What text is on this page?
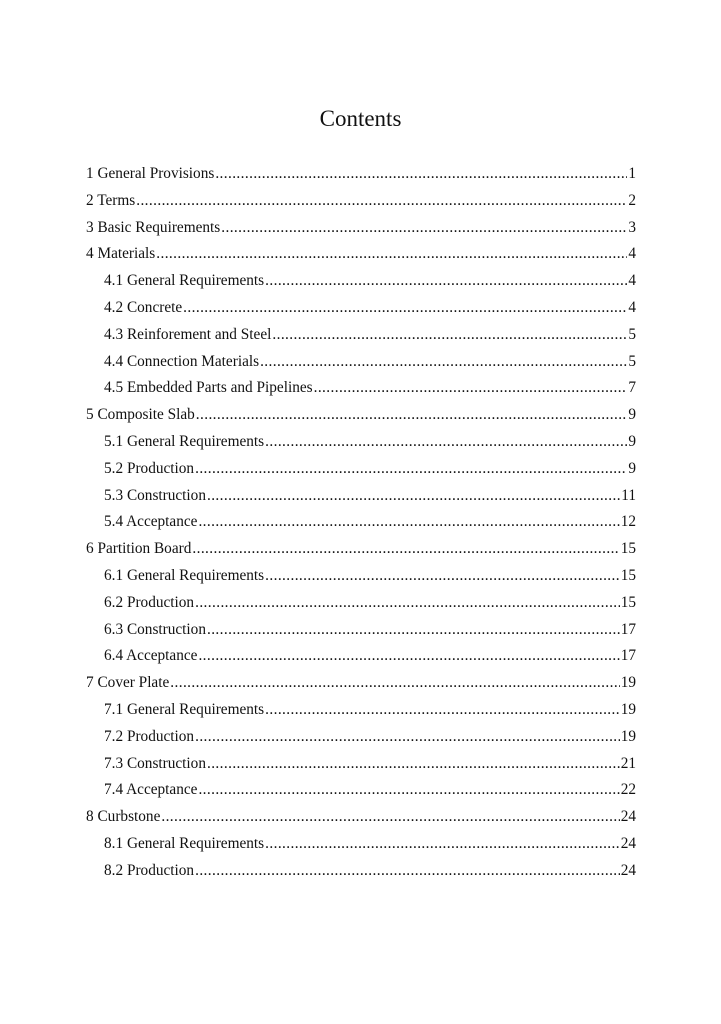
Contents
1 General Provisions .....	1
2 Terms .....	2
3 Basic Requirements .....	3
4 Materials .....	4
4.1 General Requirements .....	4
4.2 Concrete .....	4
4.3 Reinforement and Steel .....	5
4.4 Connection Materials .....	5
4.5 Embedded Parts and Pipelines .....	7
5 Composite Slab .....	9
5.1 General Requirements .....	9
5.2 Production .....	9
5.3 Construction .....	11
5.4 Acceptance .....	12
6 Partition Board .....	15
6.1 General Requirements .....	15
6.2 Production .....	15
6.3 Construction .....	17
6.4 Acceptance .....	17
7 Cover Plate .....	19
7.1 General Requirements .....	19
7.2 Production .....	19
7.3 Construction .....	21
7.4 Acceptance .....	22
8 Curbstone .....	24
8.1 General Requirements .....	24
8.2 Production .....	24
